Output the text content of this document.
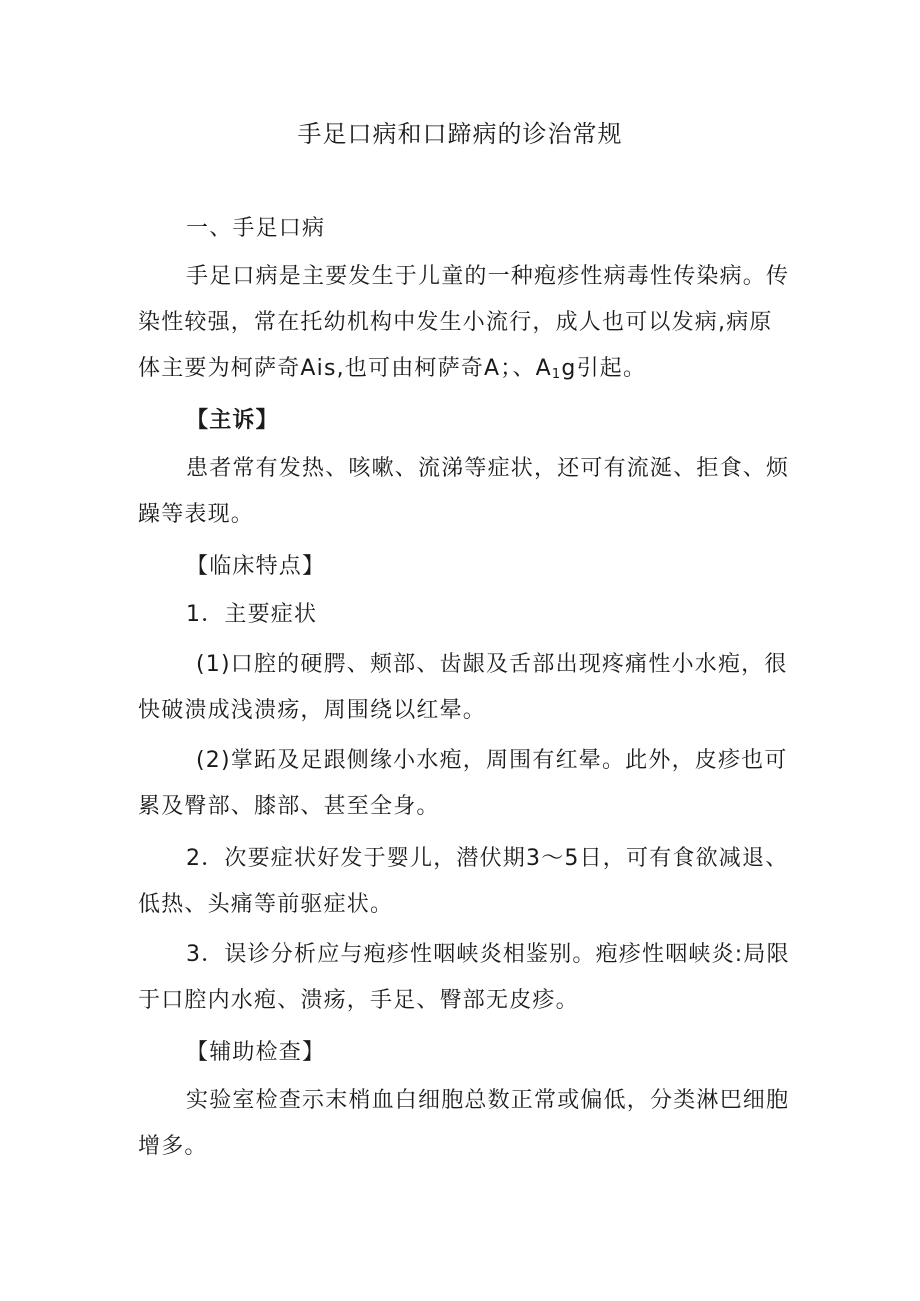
手足口病和口蹄病的诊治常规
一、手足口病
手足口病是主要发生于儿童的一种疱疹性病毒性传染病。传
染性较强，常在托幼机构中发生小流行，成人也可以发病,病原
体主要为柯萨奇Ais,也可由柯萨奇A；、$A_1g$引起。
【主诉】
患者常有发热、咳嗽、流涕等症状，还可有流涎、拒食、烦
躁等表现。
【临床特点】
1．主要症状
(1)口腔的硬腭、颊部、齿龈及舌部出现疼痛性小水疱，很
快破溃成浅溃疡，周围绕以红晕。
(2)掌跖及足跟侧缘小水疱，周围有红晕。此外，皮疹也可
累及臀部、膝部、甚至全身。
2．次要症状好发于婴儿，潜伏期3～5日，可有食欲减退、
低热、头痛等前驱症状。
3．误诊分析应与疱疹性咽峡炎相鉴别。疱疹性咽峡炎:局限
于口腔内水疱、溃疡，手足、臀部无皮疹。
【辅助检查】
实验室检查示末梢血白细胞总数正常或偏低，分类淋巴细胞
增多。
